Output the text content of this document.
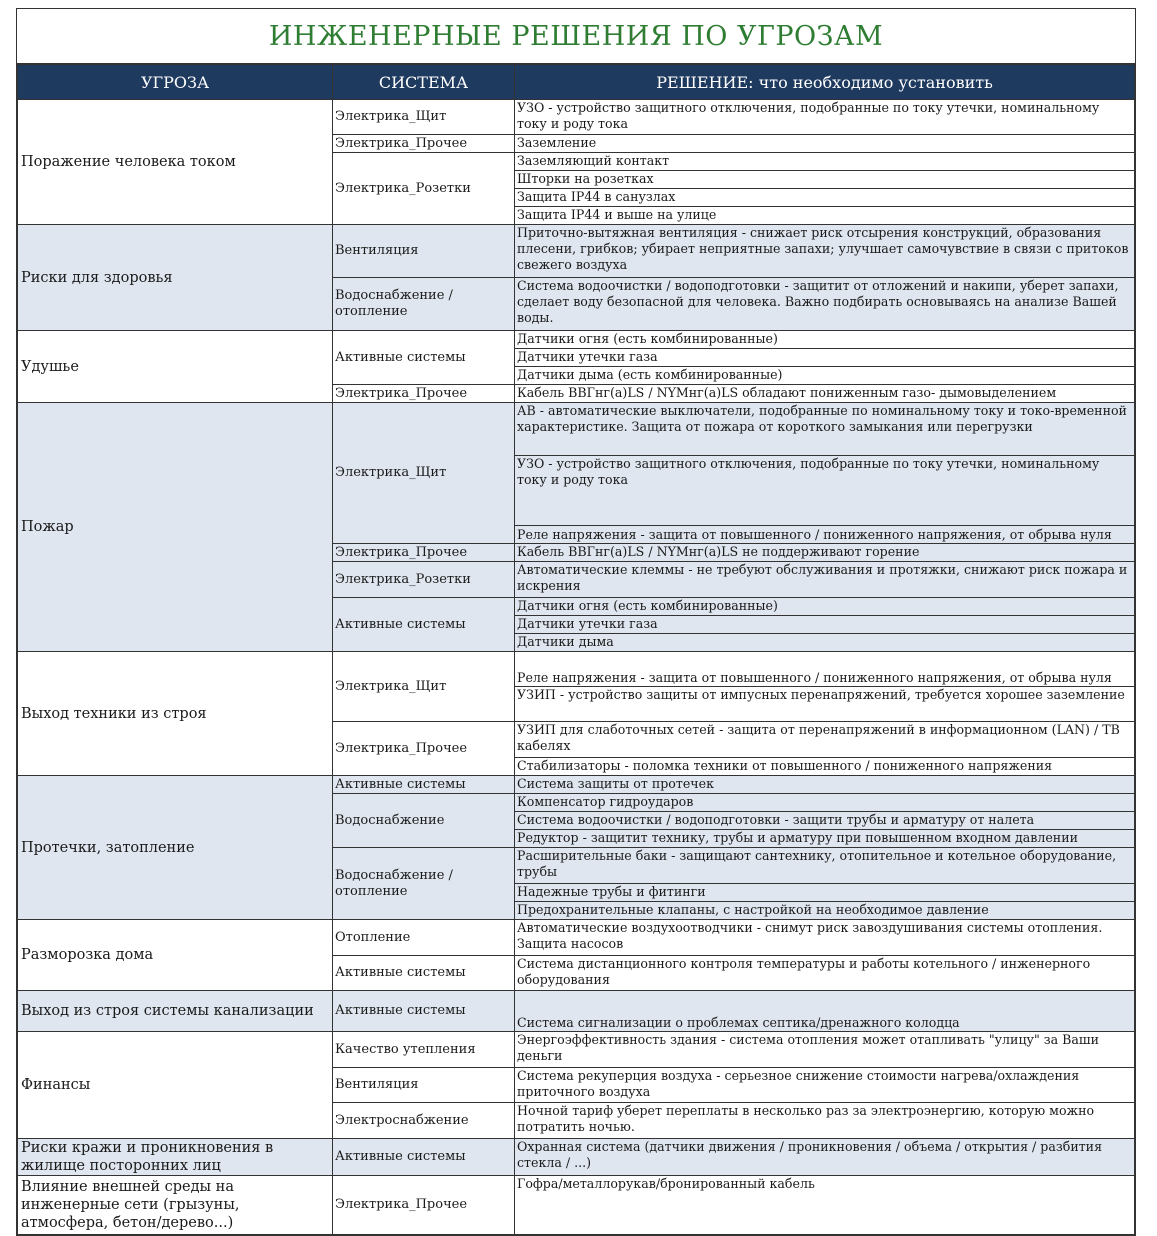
ИНЖЕНЕРНЫЕ РЕШЕНИЯ ПО УГРОЗАМ
УГРОЗА	СИСТЕМА	РЕШЕНИЕ: что необходимо установить
Поражение человека током	Электрика_Щит	УЗО - устройство защитного отключения, подобранные по току утечки, номинальному току и роду тока
	Электрика_Прочее	Заземление
	Электрика_Розетки	Заземляющий контакт
		Шторки на розетках
		Защита IP44 в санузлах
		Защита IP44 и выше на улице
Риски для здоровья	Вентиляция	Приточно-вытяжная вентиляция - снижает риск отсырения конструкций, образования плесени, грибков; убирает неприятные запахи; улучшает самочувствие в связи с притоков свежего воздуха
	Водоснабжение / отопление	Система водоочистки / водоподготовки - защитит от отложений и накипи, уберет запахи, сделает воду безопасной для человека. Важно подбирать основываясь на анализе Вашей воды.
Удушье	Активные системы	Датчики огня (есть комбинированные)
		Датчики утечки газа
		Датчики дыма (есть комбинированные)
	Электрика_Прочее	Кабель ВВГнг(а)LS / NYMнг(а)LS обладают пониженным газо- дымовыделением
Пожар	Электрика_Щит	АВ - автоматические выключатели, подобранные по номинальному току и токо-временной характеристике. Защита от пожара от короткого замыкания или перегрузки
		УЗО - устройство защитного отключения, подобранные по току утечки, номинальному току и роду тока
		Реле напряжения - защита от повышенного / пониженного напряжения, от обрыва нуля
	Электрика_Прочее	Кабель ВВГнг(а)LS / NYMнг(а)LS не поддерживают горение
	Электрика_Розетки	Автоматические клеммы - не требуют обслуживания и протяжки, снижают риск пожара и искрения
	Активные системы	Датчики огня (есть комбинированные)
		Датчики утечки газа
		Датчики дыма
Выход техники из строя	Электрика_Щит	Реле напряжения - защита от повышенного / пониженного напряжения, от обрыва нуля
		УЗИП - устройство защиты от импусных перенапряжений, требуется хорошее заземление
	Электрика_Прочее	УЗИП для слаботочных сетей - защита от перенапряжений в информационном (LAN) / ТВ кабелях
		Стабилизаторы - поломка техники от повышенного / пониженного напряжения
Протечки, затопление	Активные системы	Система защиты от протечек
	Водоснабжение	Компенсатор гидроударов
		Система водоочистки / водоподготовки - защити трубы и арматуру от налета
		Редуктор - защитит технику, трубы и арматуру при повышенном входном давлении
	Водоснабжение / отопление	Расширительные баки - защищают сантехнику, отопительное и котельное оборудование, трубы
		Надежные трубы и фитинги
		Предохранительные клапаны, с настройкой на необходимое давление
Разморозка дома	Отопление	Автоматические воздухоотводчики - снимут риск завоздушивания системы отопления. Защита насосов
	Активные системы	Система дистанционного контроля температуры и работы котельного / инженерного оборудования
Выход из строя системы канализации	Активные системы	Система сигнализации о проблемах септика/дренажного колодца
Финансы	Качество утепления	Энергоэффективность здания - система отопления может отапливать "улицу" за Ваши деньги
	Вентиляция	Система рекуперция воздуха - серьезное снижение стоимости нагрева/охлаждения приточного воздуха
	Электроснабжение	Ночной тариф уберет переплаты в несколько раз за электроэнергию, которую можно потратить ночью.
Риски кражи и проникновения в жилище посторонних лиц	Активные системы	Охранная система (датчики движения / проникновения / объема / открытия / разбития стекла / ...)
Влияние внешней среды на инженерные сети (грызуны, атмосфера, бетон/дерево...)	Электрика_Прочее	Гофра/металлорукав/бронированный кабель
